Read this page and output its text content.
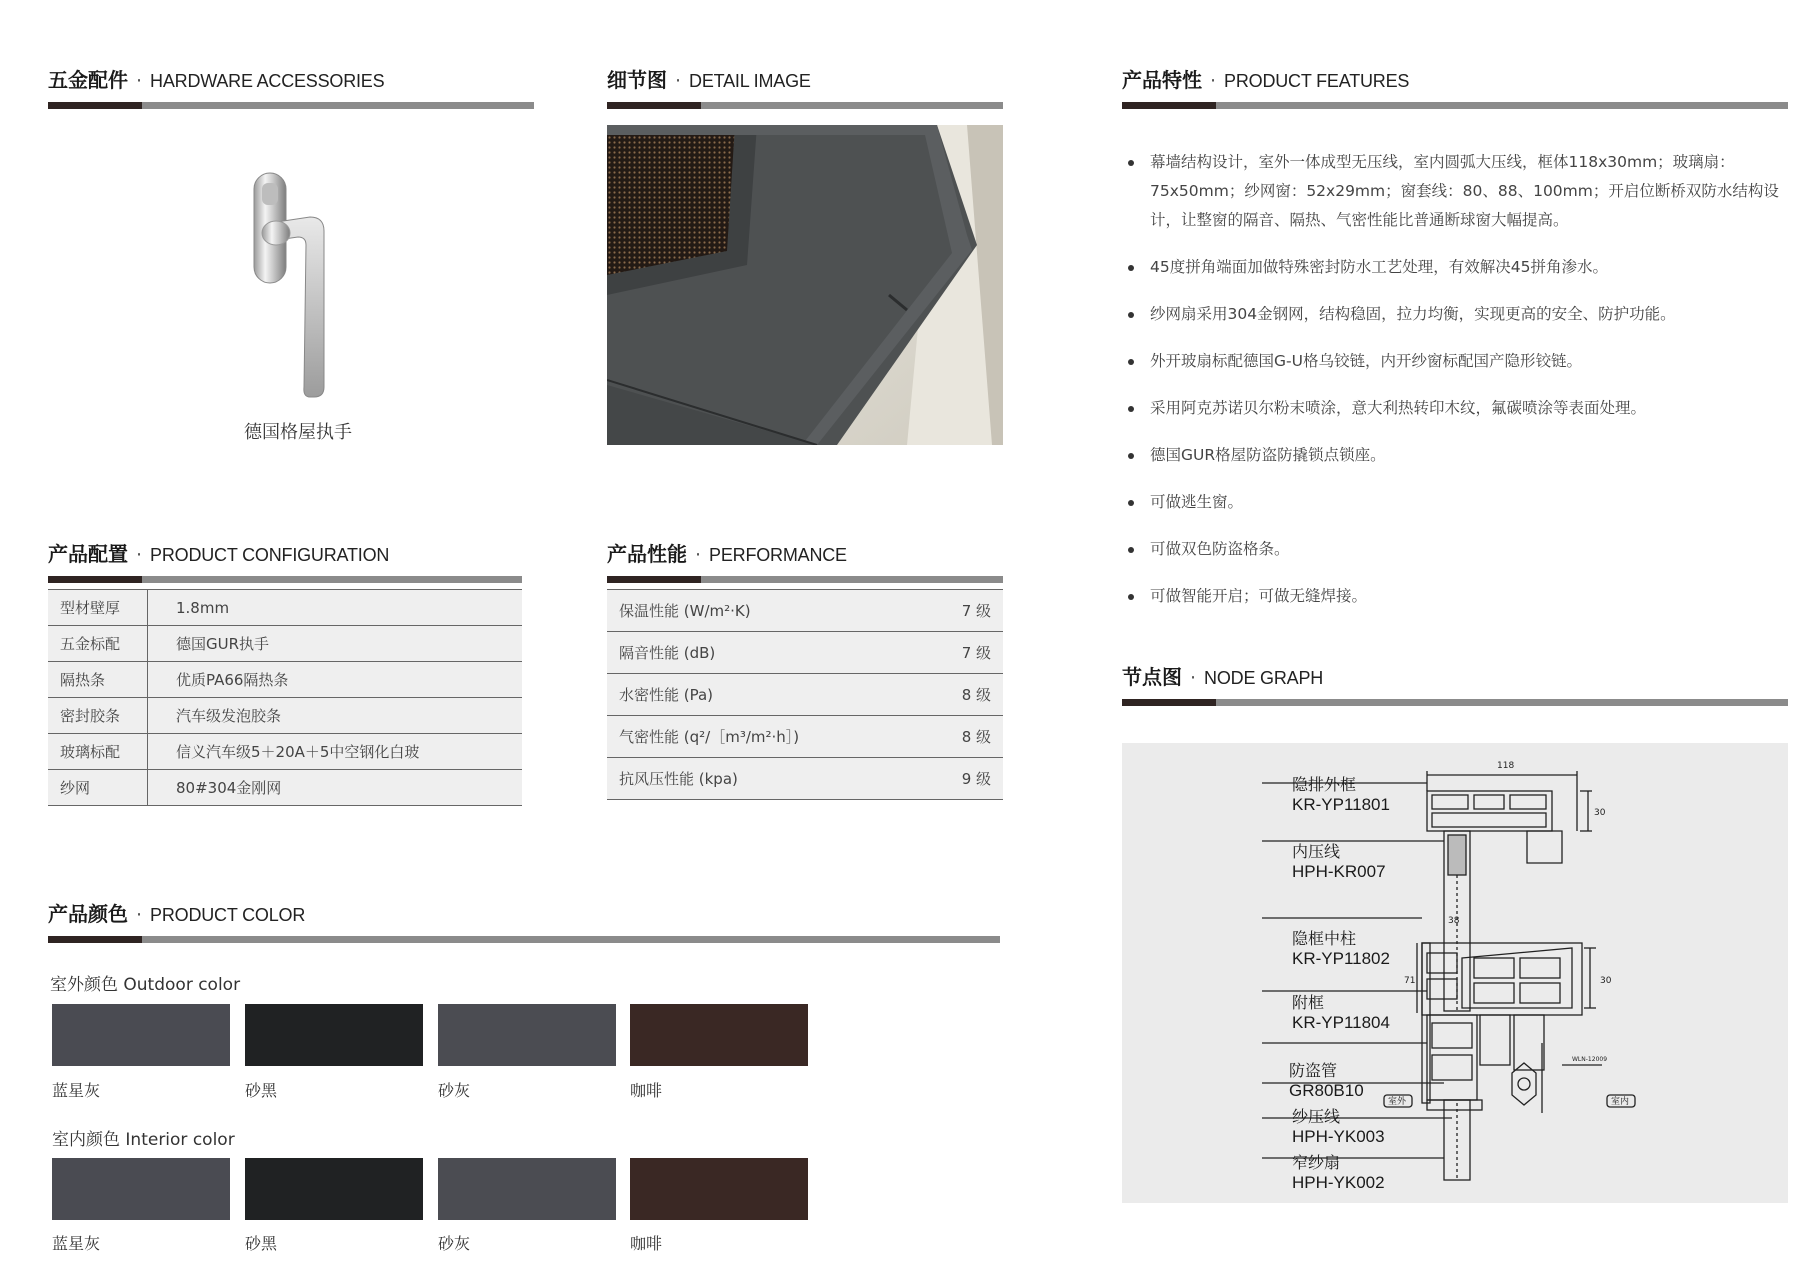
五金配件 · HARDWARE ACCESSORIES	细节图 · DETAIL IMAGE	产品特性 · PRODUCT FEATURES
产品配置 · PRODUCT CONFIGURATION	产品性能 · PERFORMANCE
产品颜色 · PRODUCT COLOR
节点图 · NODE GRAPH
德国格屋执手
型材壁厚	1.8mm
五金标配	德国GUR执手
隔热条	优质PA66隔热条
密封胶条	汽车级发泡胶条
玻璃标配	信义汽车级5＋20A＋5中空钢化白玻
纱网	80#304金刚网
保温性能 (W/m²·K)	7 级
隔音性能 (dB)	7 级
水密性能 (Pa)	8 级
气密性能 (q²/［m³/m²·h］)	8 级
抗风压性能 (kpa)	9 级
幕墙结构设计，室外一体成型无压线，室内圆弧大压线，框体118x30mm；玻璃扇：75x50mm；纱网窗：52x29mm；窗套线：80、88、100mm；开启位断桥双防水结构设计，让整窗的隔音、隔热、气密性能比普通断球窗大幅提高。
45度拼角端面加做特殊密封防水工艺处理，有效解决45拼角渗水。
纱网扇采用304金钢网，结构稳固，拉力均衡，实现更高的安全、防护功能。
外开玻扇标配德国G-U格乌铰链，内开纱窗标配国产隐形铰链。
采用阿克苏诺贝尔粉末喷涂，意大利热转印木纹，氟碳喷涂等表面处理。
德国GUR格屋防盗防撬锁点锁座。
可做逃生窗。
可做双色防盗格条。
可做智能开启；可做无缝焊接。
室外颜色 Outdoor color
蓝星灰	砂黑	砂灰	咖啡
室内颜色 Interior color
蓝星灰	砂黑	砂灰	咖啡
118
30
30
38
71
室外	室内
WLN-12009
隐排外框
KR-YP11801
内压线
HPH-KR007
隐框中柱
KR-YP11802
附框
KR-YP11804
防盗管
GR80B10
纱压线
HPH-YK003
窄纱扇
HPH-YK002
